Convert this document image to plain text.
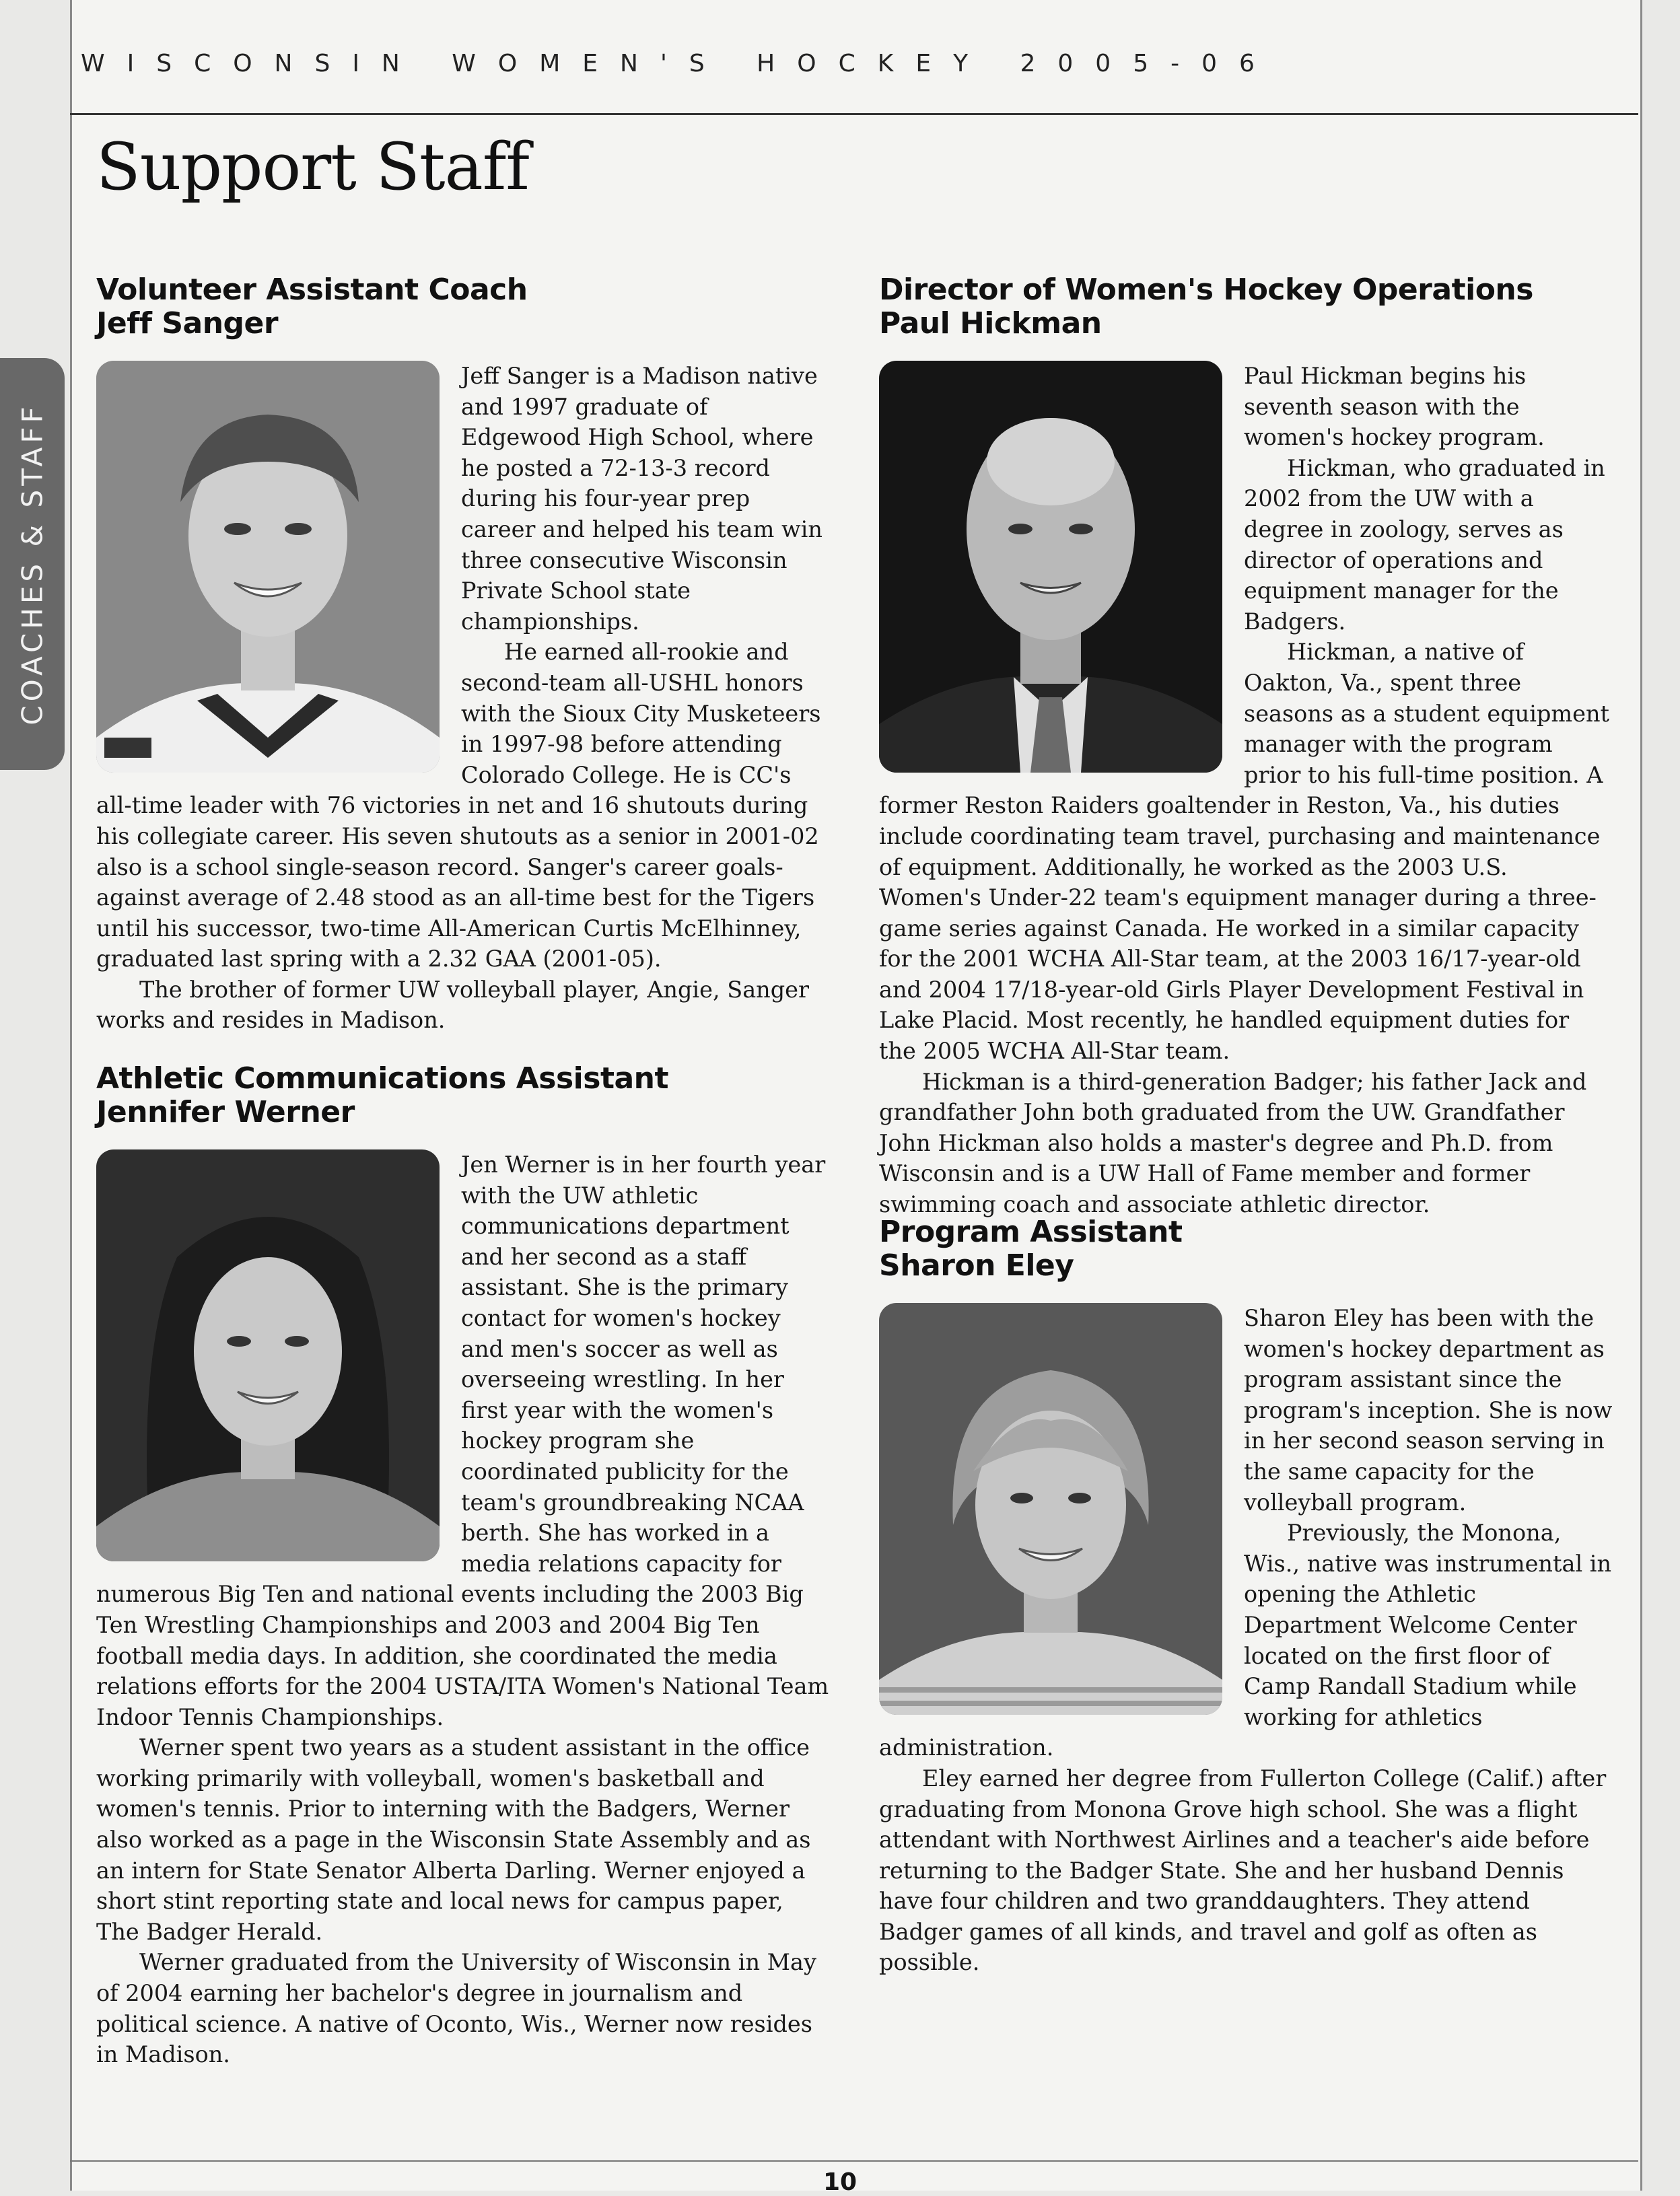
WISCONSIN WOMEN'S HOCKEY 2005-06
Support Staff
COACHES & STAFF
Volunteer Assistant Coach
Jeff Sanger

Jeff Sanger is a Madison native and 1997 graduate of Edgewood High School, where he posted a 72-13-3 record during his four-year prep career and helped his team win three consecutive Wisconsin Private School state championships.

He earned all-rookie and second-team all-USHL honors with the Sioux City Musketeers in 1997-98 before attending Colorado College. He is CC's all-time leader with 76 victories in net and 16 shutouts during his collegiate career. His seven shutouts as a senior in 2001-02 also is a school single-season record. Sanger's career goals-against average of 2.48 stood as an all-time best for the Tigers until his successor, two-time All-American Curtis McElhinney, graduated last spring with a 2.32 GAA (2001-05).

The brother of former UW volleyball player, Angie, Sanger works and resides in Madison.

Athletic Communications Assistant
Jennifer Werner

Jen Werner is in her fourth year with the UW athletic communications department and her second as a staff assistant. She is the primary contact for women's hockey and men's soccer as well as overseeing wrestling. In her first year with the women's hockey program she coordinated publicity for the team's groundbreaking NCAA berth. She has worked in a media relations capacity for numerous Big Ten and national events including the 2003 Big Ten Wrestling Championships and 2003 and 2004 Big Ten football media days. In addition, she coordinated the media relations efforts for the 2004 USTA/ITA Women's National Team Indoor Tennis Championships.

Werner spent two years as a student assistant in the office working primarily with volleyball, women's basketball and women's tennis. Prior to interning with the Badgers, Werner also worked as a page in the Wisconsin State Assembly and as an intern for State Senator Alberta Darling. Werner enjoyed a short stint reporting state and local news for campus paper, The Badger Herald.

Werner graduated from the University of Wisconsin in May of 2004 earning her bachelor's degree in journalism and political science. A native of Oconto, Wis., Werner now resides in Madison.

Director of Women's Hockey Operations
Paul Hickman

Paul Hickman begins his seventh season with the women's hockey program.

Hickman, who graduated in 2002 from the UW with a degree in zoology, serves as director of operations and equipment manager for the Badgers.

Hickman, a native of Oakton, Va., spent three seasons as a student equipment manager with the program prior to his full-time position. A former Reston Raiders goaltender in Reston, Va., his duties include coordinating team travel, purchasing and maintenance of equipment. Additionally, he worked as the 2003 U.S. Women's Under-22 team's equipment manager during a three-game series against Canada. He worked in a similar capacity for the 2001 WCHA All-Star team, at the 2003 16/17-year-old and 2004 17/18-year-old Girls Player Development Festival in Lake Placid. Most recently, he handled equipment duties for the 2005 WCHA All-Star team.

Hickman is a third-generation Badger; his father Jack and grandfather John both graduated from the UW. Grandfather John Hickman also holds a master's degree and Ph.D. from Wisconsin and is a UW Hall of Fame member and former swimming coach and associate athletic director.

Program Assistant
Sharon Eley

Sharon Eley has been with the women's hockey department as program assistant since the program's inception. She is now in her second season serving in the same capacity for the volleyball program.

Previously, the Monona, Wis., native was instrumental in opening the Athletic Department Welcome Center located on the first floor of Camp Randall Stadium while working for athletics administration.

Eley earned her degree from Fullerton College (Calif.) after graduating from Monona Grove high school. She was a flight attendant with Northwest Airlines and a teacher's aide before returning to the Badger State. She and her husband Dennis have four children and two granddaughters. They attend Badger games of all kinds, and travel and golf as often as possible.

10
